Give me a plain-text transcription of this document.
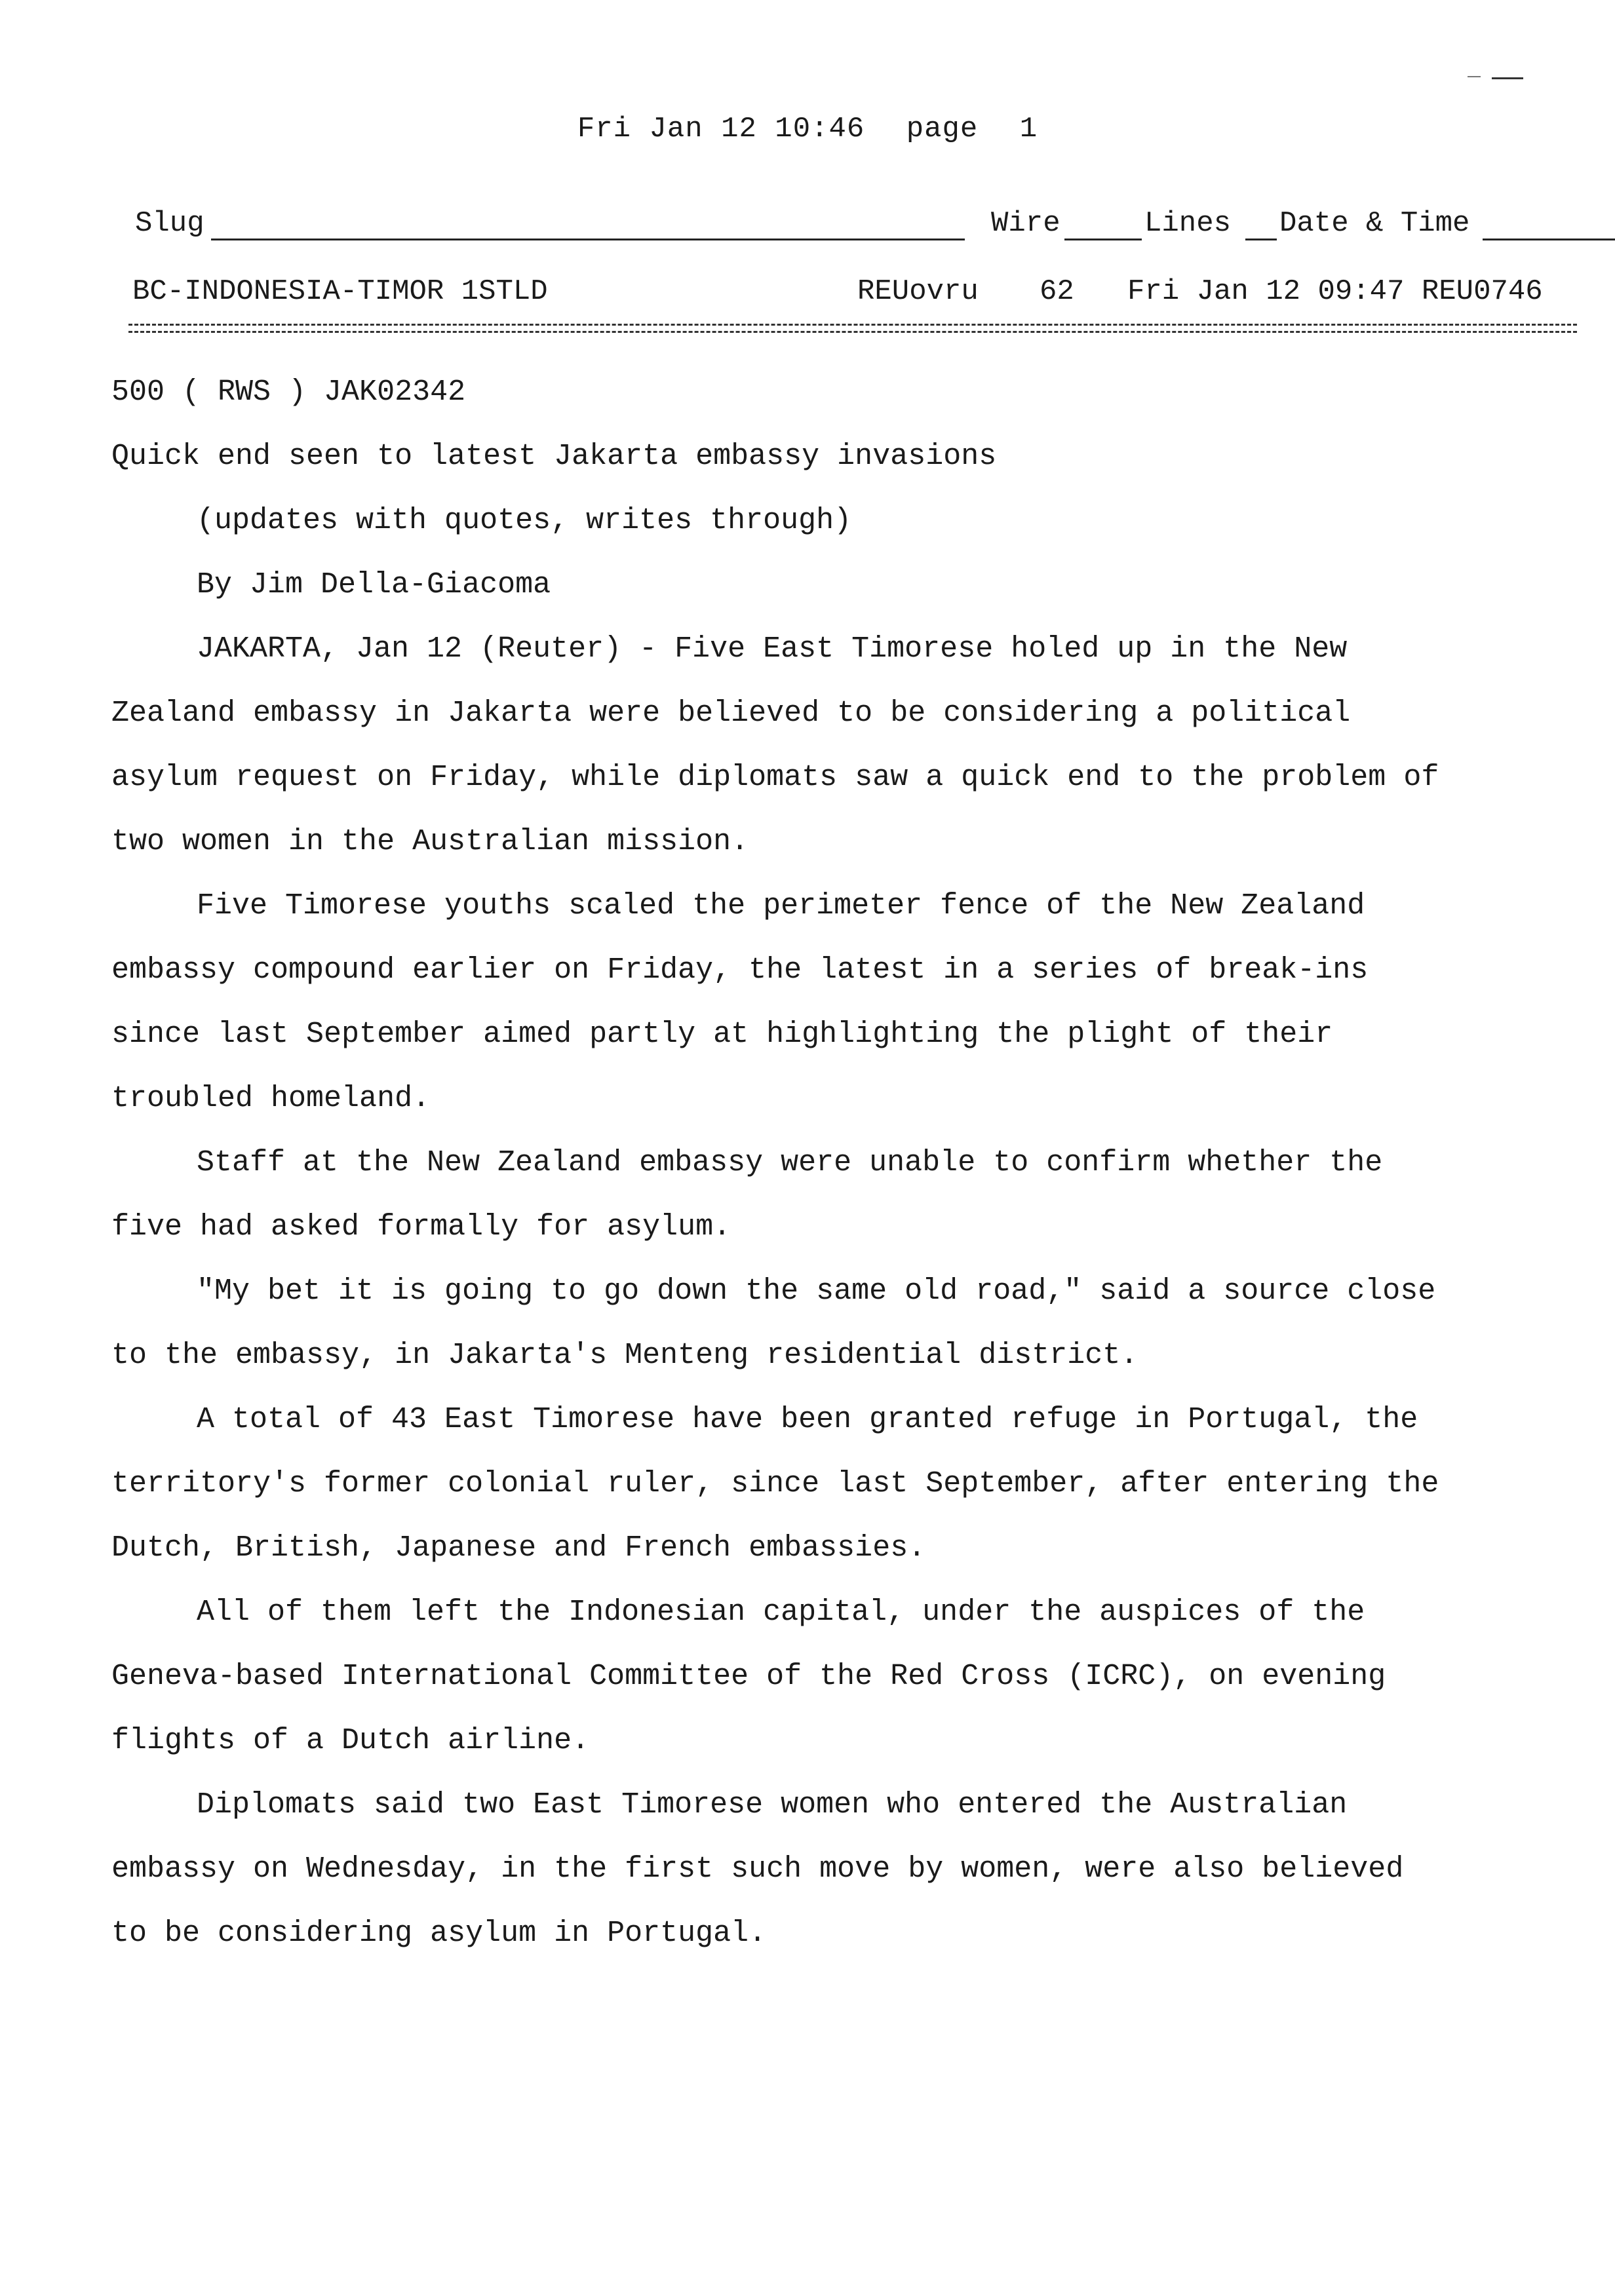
Fri Jan 12 10:46 page 1
Slug	Wire	Lines Date & Time
BC-INDONESIA-TIMOR 1STLD	REUovru 62 Fri Jan 12 09:47 REU0746

500 ( RWS ) JAK02342

Quick end seen to latest Jakarta embassy invasions

(updates with quotes, writes through)

By Jim Della-Giacoma

JAKARTA, Jan 12 (Reuter) - Five East Timorese holed up in the New Zealand embassy in Jakarta were believed to be considering a political asylum request on Friday, while diplomats saw a quick end to the problem of two women in the Australian mission.

Five Timorese youths scaled the perimeter fence of the New Zealand embassy compound earlier on Friday, the latest in a series of break-ins since last September aimed partly at highlighting the plight of their troubled homeland.

Staff at the New Zealand embassy were unable to confirm whether the five had asked formally for asylum.

"My bet it is going to go down the same old road," said a source close to the embassy, in Jakarta's Menteng residential district.

A total of 43 East Timorese have been granted refuge in Portugal, the territory's former colonial ruler, since last September, after entering the Dutch, British, Japanese and French embassies.

All of them left the Indonesian capital, under the auspices of the Geneva-based International Committee of the Red Cross (ICRC), on evening flights of a Dutch airline.

Diplomats said two East Timorese women who entered the Australian embassy on Wednesday, in the first such move by women, were also believed to be considering asylum in Portugal.
